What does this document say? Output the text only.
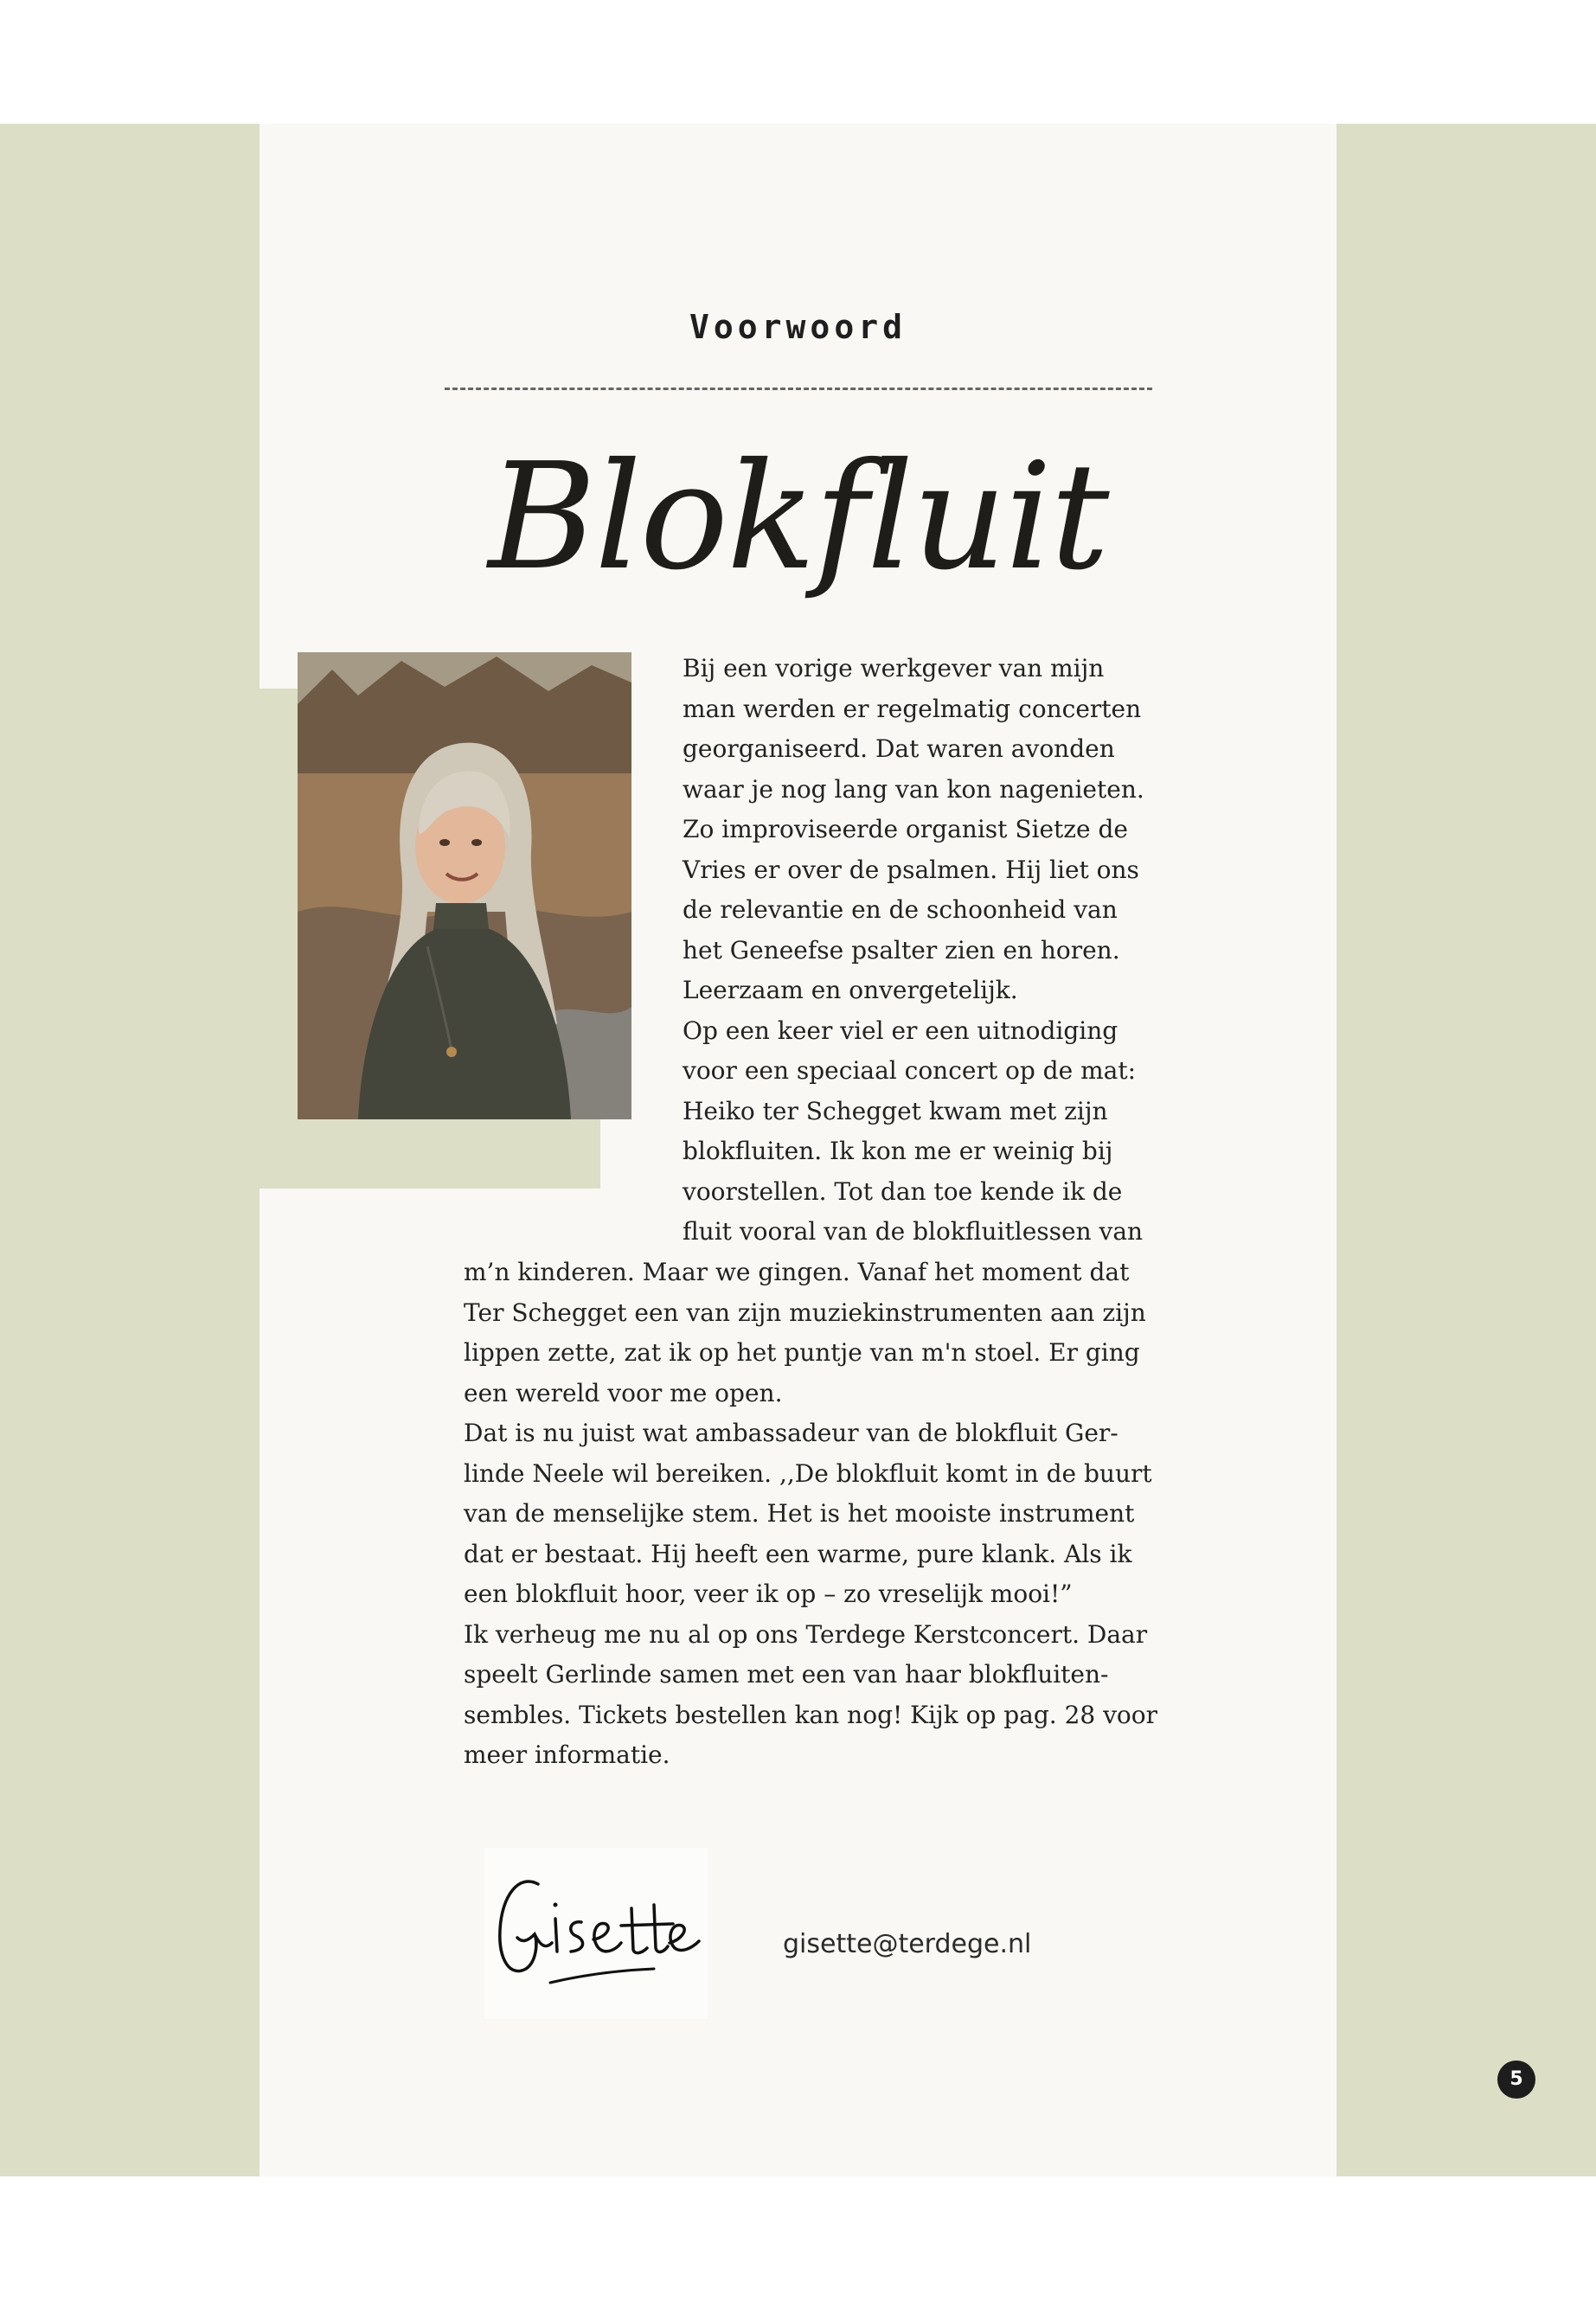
Voorwoord
Blokfluit

Bij een vorige werkgever van mijn

man werden er regelmatig concerten

georganiseerd. Dat waren avonden

waar je nog lang van kon nagenieten.

Zo improviseerde organist Sietze de

Vries er over de psalmen. Hij liet ons

de relevantie en de schoonheid van

het Geneefse psalter zien en horen.

Leerzaam en onvergetelijk.

Op een keer viel er een uitnodiging

voor een speciaal concert op de mat:

Heiko ter Schegget kwam met zijn

blokfluiten. Ik kon me er weinig bij

voorstellen. Tot dan toe kende ik de

fluit vooral van de blokfluitlessen van

m’n kinderen. Maar we gingen. Vanaf het moment dat

Ter Schegget een van zijn muziekinstrumenten aan zijn

lippen zette, zat ik op het puntje van m'n stoel. Er ging

een wereld voor me open.

Dat is nu juist wat ambassadeur van de blokfluit Ger-

linde Neele wil bereiken. ,,De blokfluit komt in de buurt

van de menselijke stem. Het is het mooiste instrument

dat er bestaat. Hij heeft een warme, pure klank. Als ik

een blokfluit hoor, veer ik op – zo vreselijk mooi!”

Ik verheug me nu al op ons Terdege Kerstconcert. Daar

speelt Gerlinde samen met een van haar blokfluiten-

sembles. Tickets bestellen kan nog! Kijk op pag. 28 voor

meer informatie.

gisette@terdege.nl
5
